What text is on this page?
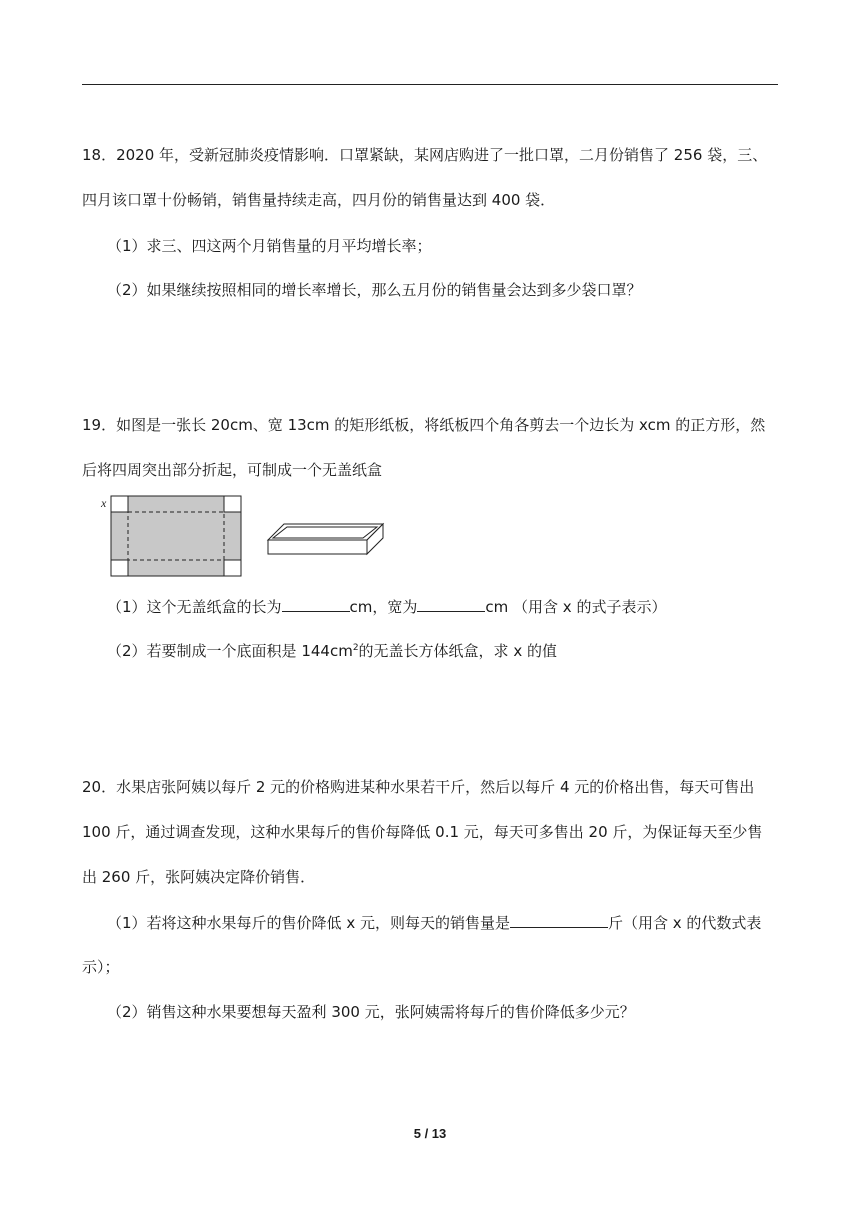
18．2020 年，受新冠肺炎疫情影响．口罩紧缺，某网店购进了一批口罩，二月份销售了 256 袋，三、
四月该口罩十份畅销，销售量持续走高，四月份的销售量达到 400 袋．
（1）求三、四这两个月销售量的月平均增长率；
（2）如果继续按照相同的增长率增长，那么五月份的销售量会达到多少袋口罩？
19．如图是一张长 20cm、宽 13cm 的矩形纸板，将纸板四个角各剪去一个边长为 xcm 的正方形，然
后将四周突出部分折起，可制成一个无盖纸盒
x
（1）这个无盖纸盒的长为	cm，宽为	cm （用含 x 的式子表示）
（2）若要制成一个底面积是 $144cm^2$的无盖长方体纸盒，求 x 的值
20．水果店张阿姨以每斤 2 元的价格购进某种水果若干斤，然后以每斤 4 元的价格出售，每天可售出
100 斤，通过调查发现，这种水果每斤的售价每降低 0.1 元，每天可多售出 20 斤，为保证每天至少售
出 260 斤，张阿姨决定降价销售．
（1）若将这种水果每斤的售价降低 x 元，则每天的销售量是	斤（用含 x 的代数式表
示）；
（2）销售这种水果要想每天盈利 300 元，张阿姨需将每斤的售价降低多少元？
5 / 13
